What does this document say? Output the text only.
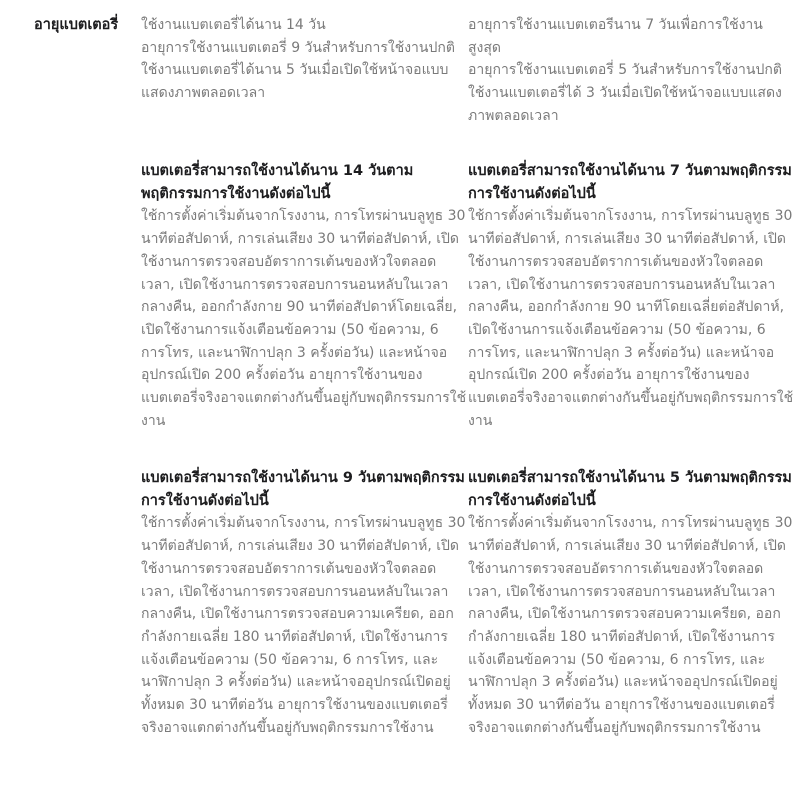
อายุแบตเตอรี่	ใช้งานแบตเตอรี่ได้นาน 14 วัน

อายุการใช้งานแบตเตอรี่ 9 วันสำหรับการใช้งานปกติ

ใช้งานแบตเตอรี่ได้นาน 5 วันเมื่อเปิดใช้หน้าจอแบบแสดงภาพตลอดเวลา

แบตเตอรี่สามารถใช้งานได้นาน 14 วันตามพฤติกรรมการใช้งานดังต่อไปนี้

ใช้การตั้งค่าเริ่มต้นจากโรงงาน, การโทรผ่านบลูทูธ 30 นาทีต่อสัปดาห์, การเล่นเสียง 30 นาทีต่อสัปดาห์, เปิดใช้งานการตรวจสอบอัตราการเต้นของหัวใจตลอดเวลา, เปิดใช้งานการตรวจสอบการนอนหลับในเวลากลางคืน, ออกกำลังกาย 90 นาทีต่อสัปดาห์โดยเฉลี่ย, เปิดใช้งานการแจ้งเตือนข้อความ (50 ข้อความ, 6 การโทร, และนาฬิกาปลุก 3 ครั้งต่อวัน) และหน้าจออุปกรณ์เปิด 200 ครั้งต่อวัน อายุการใช้งานของแบตเตอรี่จริงอาจแตกต่างกันขึ้นอยู่กับพฤติกรรมการใช้งาน

แบตเตอรี่สามารถใช้งานได้นาน 9 วันตามพฤติกรรมการใช้งานดังต่อไปนี้

ใช้การตั้งค่าเริ่มต้นจากโรงงาน, การโทรผ่านบลูทูธ 30 นาทีต่อสัปดาห์, การเล่นเสียง 30 นาทีต่อสัปดาห์, เปิดใช้งานการตรวจสอบอัตราการเต้นของหัวใจตลอดเวลา, เปิดใช้งานการตรวจสอบการนอนหลับในเวลากลางคืน, เปิดใช้งานการตรวจสอบความเครียด, ออกกำลังกายเฉลี่ย 180 นาทีต่อสัปดาห์, เปิดใช้งานการแจ้งเตือนข้อความ (50 ข้อความ, 6 การโทร, และนาฬิกาปลุก 3 ครั้งต่อวัน) และหน้าจออุปกรณ์เปิดอยู่ทั้งหมด 30 นาทีต่อวัน อายุการใช้งานของแบตเตอรี่จริงอาจแตกต่างกันขึ้นอยู่กับพฤติกรรมการใช้งาน

อายุการใช้งานแบตเตอรีนาน 7 วันเพื่อการใช้งานสูงสุด

อายุการใช้งานแบตเตอรี่ 5 วันสำหรับการใช้งานปกติ

ใช้งานแบตเตอรี่ได้ 3 วันเมื่อเปิดใช้หน้าจอแบบแสดงภาพตลอดเวลา

แบตเตอรี่สามารถใช้งานได้นาน 7 วันตามพฤติกรรมการใช้งานดังต่อไปนี้

ใช้การตั้งค่าเริ่มต้นจากโรงงาน, การโทรผ่านบลูทูธ 30 นาทีต่อสัปดาห์, การเล่นเสียง 30 นาทีต่อสัปดาห์, เปิดใช้งานการตรวจสอบอัตราการเต้นของหัวใจตลอดเวลา, เปิดใช้งานการตรวจสอบการนอนหลับในเวลากลางคืน, ออกกำลังกาย 90 นาทีโดยเฉลี่ยต่อสัปดาห์, เปิดใช้งานการแจ้งเตือนข้อความ (50 ข้อความ, 6 การโทร, และนาฬิกาปลุก 3 ครั้งต่อวัน) และหน้าจออุปกรณ์เปิด 200 ครั้งต่อวัน อายุการใช้งานของแบตเตอรี่จริงอาจแตกต่างกันขึ้นอยู่กับพฤติกรรมการใช้งาน

แบตเตอรี่สามารถใช้งานได้นาน 5 วันตามพฤติกรรมการใช้งานดังต่อไปนี้

ใช้การตั้งค่าเริ่มต้นจากโรงงาน, การโทรผ่านบลูทูธ 30 นาทีต่อสัปดาห์, การเล่นเสียง 30 นาทีต่อสัปดาห์, เปิดใช้งานการตรวจสอบอัตราการเต้นของหัวใจตลอดเวลา, เปิดใช้งานการตรวจสอบการนอนหลับในเวลากลางคืน, เปิดใช้งานการตรวจสอบความเครียด, ออกกำลังกายเฉลี่ย 180 นาทีต่อสัปดาห์, เปิดใช้งานการแจ้งเตือนข้อความ (50 ข้อความ, 6 การโทร, และนาฬิกาปลุก 3 ครั้งต่อวัน) และหน้าจออุปกรณ์เปิดอยู่ทั้งหมด 30 นาทีต่อวัน อายุการใช้งานของแบตเตอรี่จริงอาจแตกต่างกันขึ้นอยู่กับพฤติกรรมการใช้งาน
